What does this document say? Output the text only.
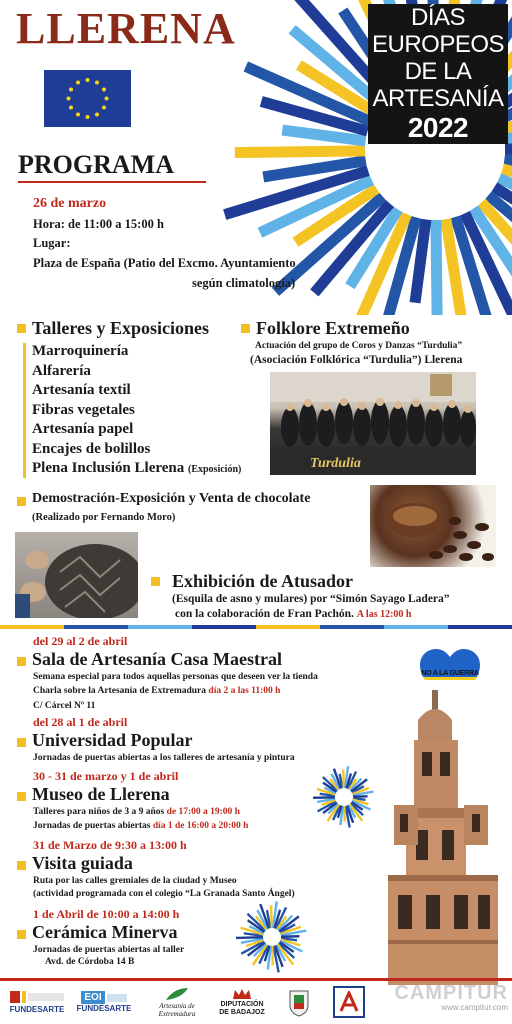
LLERENA	DÍAS
EUROPEOS
DE LA
ARTESANÍA
2022
PROGRAMA
26 de marzo
Hora: de 11:00 a 15:00 h
Lugar:
Plaza de España (Patio del Excmo. Ayuntamiento
según climatología)
Talleres y Exposiciones
Marroquinería
Alfarería
Artesanía textil
Fibras vegetales
Artesanía papel
Encajes de bolillos
Plena Inclusión Llerena (Exposición)
Folklore Extremeño
Actuación del grupo de Coros y Danzas “Turdulia”
(Asociación Folklórica “Turdulia”) Llerena
Turdulia
Demostración-Exposición y Venta de chocolate
(Realizado por Fernando Moro)
Exhibición de Atusador
(Esquila de asno y mulares) por “Simón Sayago Ladera”
con la colaboración de Fran Pachón. A las 12:00 h
del 29 al 2 de abril
Sala de Artesanía Casa Maestral
Semana especial para todos aquellas personas que deseen ver la tienda
Charla sobre la Artesanía de Extremadura día 2 a las 11:00 h
C/ Cárcel Nº 11
del 28 al 1 de abril
Universidad Popular
Jornadas de puertas abiertas a los talleres de artesanía y pintura
30 - 31 de marzo y 1 de abril
Museo de Llerena
Talleres para niños de 3 a 9 años de 17:00 a 19:00 h
Jornadas de puertas abiertas día 1 de 16:00 a 20:00 h
31 de Marzo de 9:30 a 13:00 h
Visita guiada
Ruta por las calles gremiales de la ciudad y Museo
(actividad programada con el colegio “La Granada Santo Ángel)
1 de Abril de 10:00 a 14:00 h
Cerámica Minerva
Jornadas de puertas abiertas al taller
Avd. de Córdoba 14 B
NO A LA GUERRA
FUNDESARTE
EOI
FUNDESARTE	Artesanía de Extremadura
DIPUTACIÓN
DE BADAJOZ
CAMPITUR
www.campitur.com
